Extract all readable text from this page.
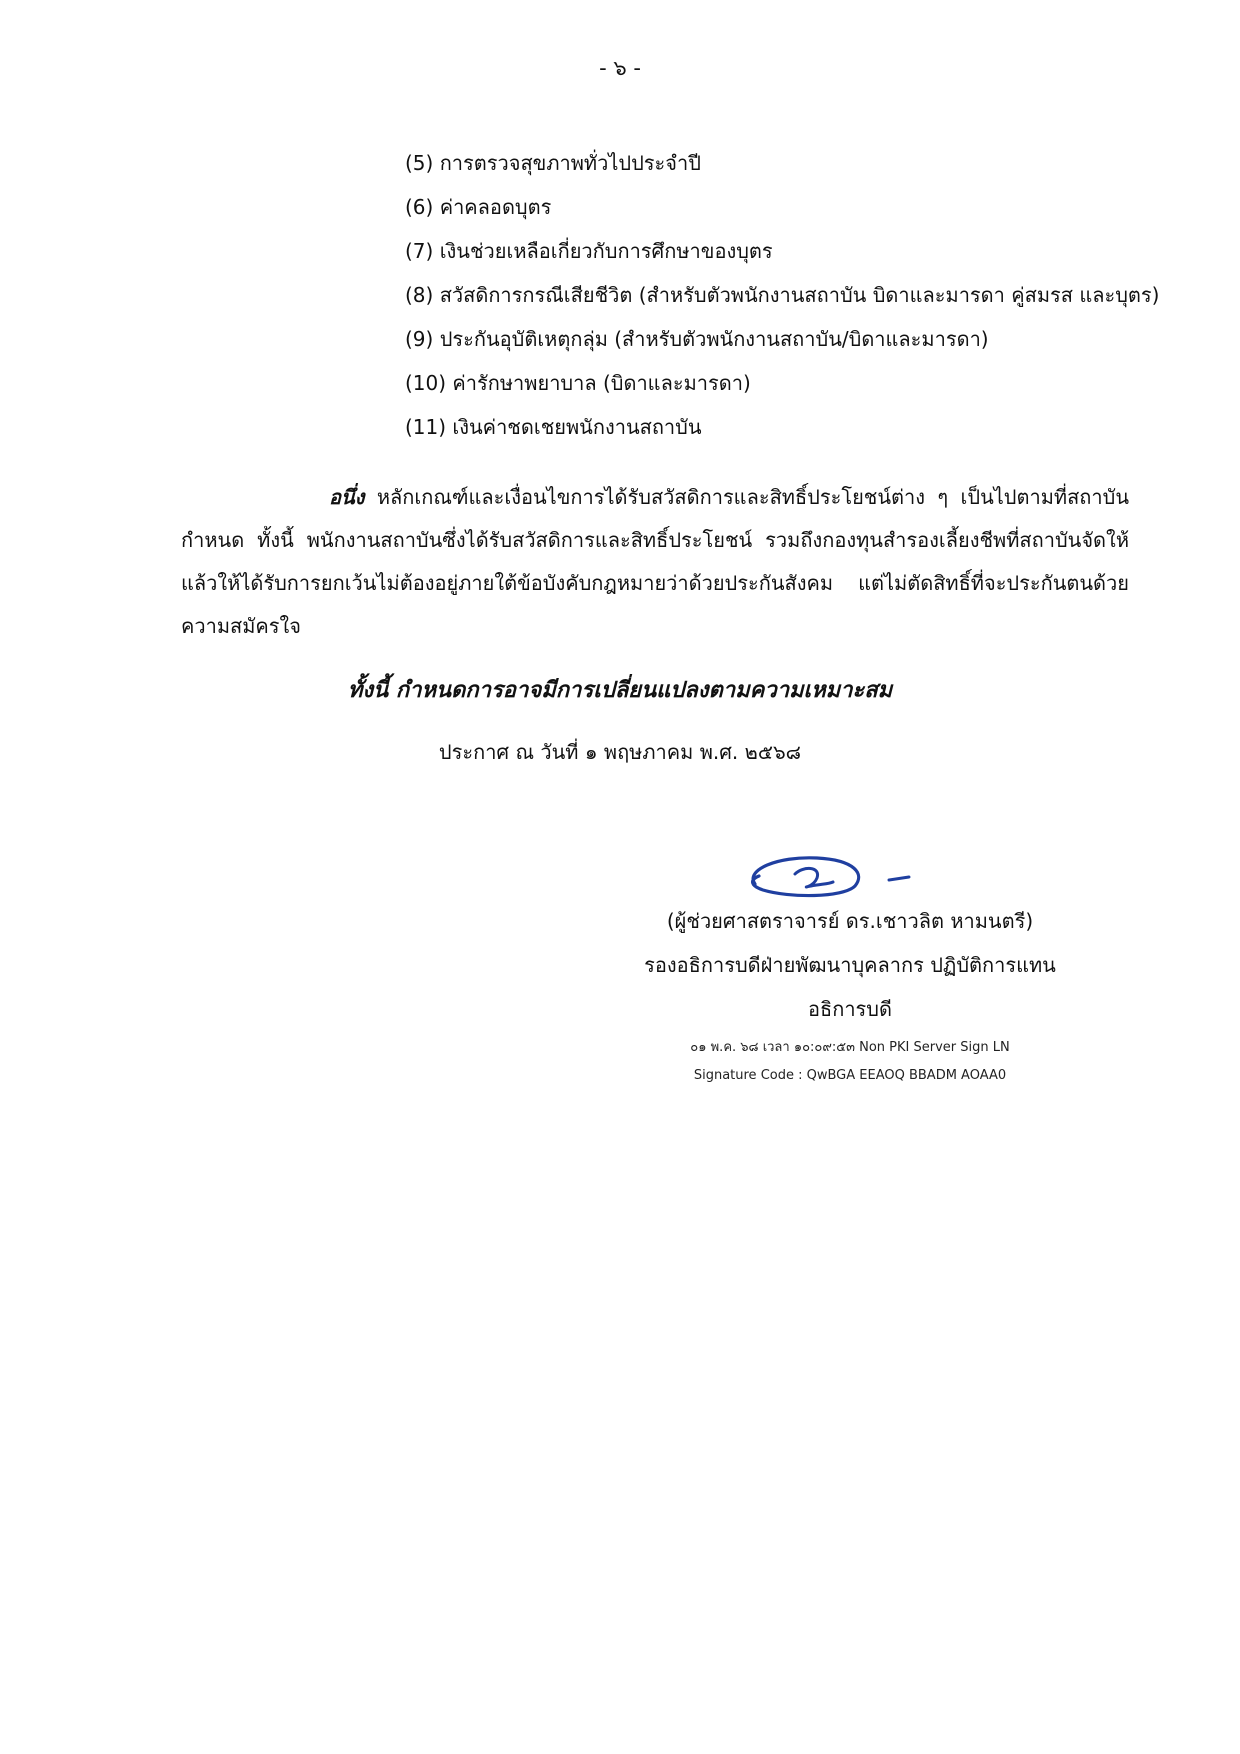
- ๖ -
(5) การตรวจสุขภาพทั่วไปประจำปี
(6) ค่าคลอดบุตร
(7) เงินช่วยเหลือเกี่ยวกับการศึกษาของบุตร
(8) สวัสดิการกรณีเสียชีวิต (สำหรับตัวพนักงานสถาบัน บิดาและมารดา คู่สมรส และบุตร)
(9) ประกันอุบัติเหตุกลุ่ม (สำหรับตัวพนักงานสถาบัน/บิดาและมารดา)
(10) ค่ารักษาพยาบาล (บิดาและมารดา)
(11) เงินค่าชดเชยพนักงานสถาบัน

อนึ่ง หลักเกณฑ์และเงื่อนไขการได้รับสวัสดิการและสิทธิ์ประโยชน์ต่าง ๆ เป็นไปตามที่สถาบันกำหนด ทั้งนี้ พนักงานสถาบันซึ่งได้รับสวัสดิการและสิทธิ์ประโยชน์ รวมถึงกองทุนสำรองเลี้ยงชีพที่สถาบันจัดให้แล้วให้ได้รับการยกเว้นไม่ต้องอยู่ภายใต้ข้อบังคับกฎหมายว่าด้วยประกันสังคม แต่ไม่ตัดสิทธิ์ที่จะประกันตนด้วยความสมัครใจ

ทั้งนี้ กำหนดการอาจมีการเปลี่ยนแปลงตามความเหมาะสม
ประกาศ ณ วันที่ ๑ พฤษภาคม พ.ศ. ๒๕๖๘
(ผู้ช่วยศาสตราจารย์ ดร.เชาวลิต หามนตรี)
รองอธิการบดีฝ่ายพัฒนาบุคลากร ปฏิบัติการแทน
อธิการบดี
๐๑ พ.ค. ๖๘ เวลา ๑๐:๐๙:๕๓ Non PKI Server Sign LN
Signature Code : QwBGA EEAOQ BBADM AOAA0
